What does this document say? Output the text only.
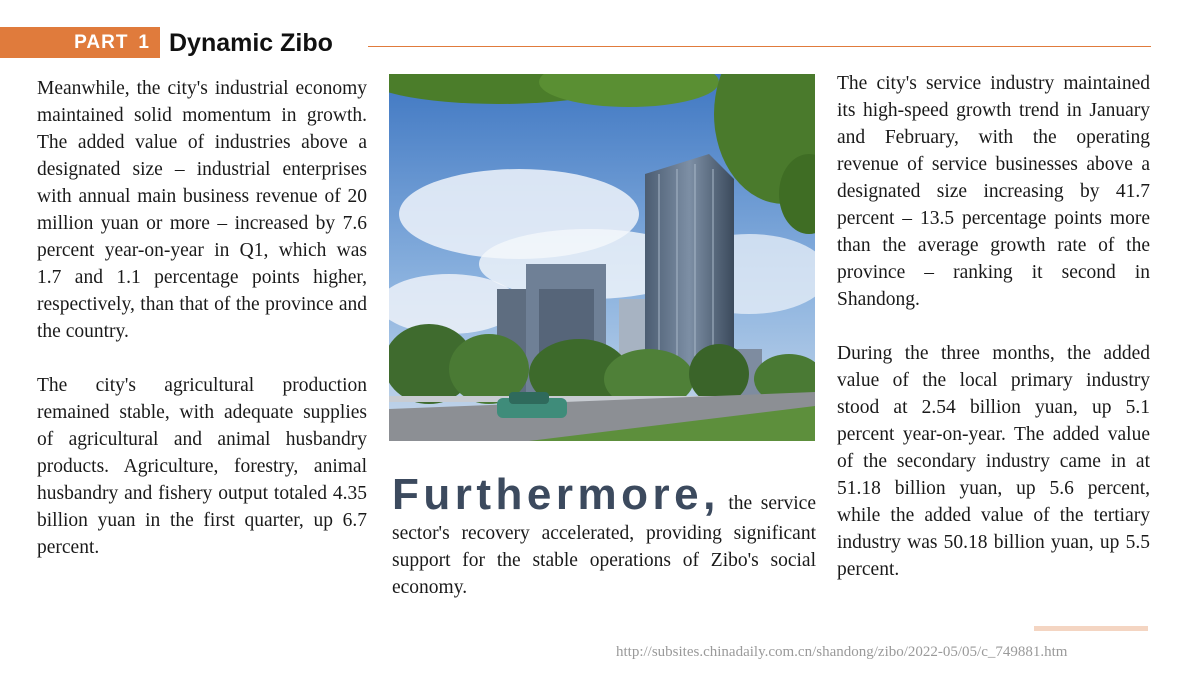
PART 1 Dynamic Zibo

Meanwhile, the city's industrial economy maintained solid momentum in growth. The added value of industries above a designated size – industrial enterprises with annual main business revenue of 20 million yuan or more – increased by 7.6 percent year-on-year in Q1, which was 1.7 and 1.1 percentage points higher, respectively, than that of the province and the country.

The city's agricultural production remained stable, with adequate supplies of agricultural and animal husbandry products. Agriculture, forestry, animal husbandry and fishery output totaled 4.35 billion yuan in the first quarter, up 6.7 percent.

Furthermore, the service sector's recovery accelerated, providing significant support for the stable operations of Zibo's social economy.

The city's service industry maintained its high-speed growth trend in January and February, with the operating revenue of service businesses above a designated size increasing by 41.7 percent – 13.5 percentage points more than the average growth rate of the province – ranking it second in Shandong.

During the three months, the added value of the local primary industry stood at 2.54 billion yuan, up 5.1 percent year-on-year. The added value of the secondary industry came in at 51.18 billion yuan, up 5.6 percent, while the added value of the tertiary industry was 50.18 billion yuan, up 5.5 percent.

http://subsites.chinadaily.com.cn/shandong/zibo/2022-05/05/c_749881.htm
